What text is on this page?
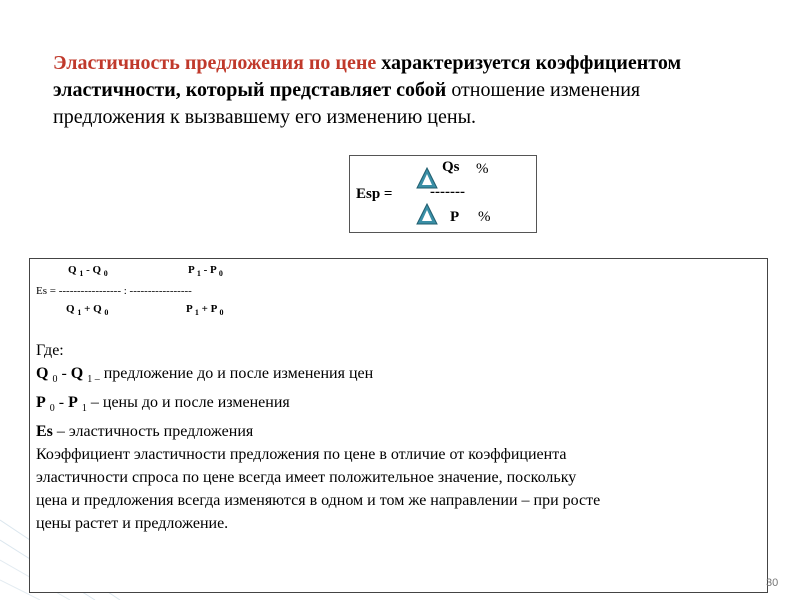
Эластичность предложения по цене характеризуется коэффициентом эластичности, который представляет собой отношение изменения предложения к вызвавшему его изменению цены.

Qs %
Esp =	-------
P %
Q $_1$ - Q $_0$	P $_1$ - P $_0$
Es = ----------------- : -----------------
Q $_1$ + Q $_0$	P $_1$ + P $_0$
Где:
Q $_0$ - Q $_{1 -}$ предложение до и после изменения цен
P $_0$ - P $_1$ – цены до и после изменения
Es – эластичность предложения
Коэффициент эластичности предложения по цене в отличие от коэффициента
эластичности спроса по цене всегда имеет положительное значение, поскольку
цена и предложения всегда изменяются в одном и том же направлении – при росте
цены растет и предложение.
30
